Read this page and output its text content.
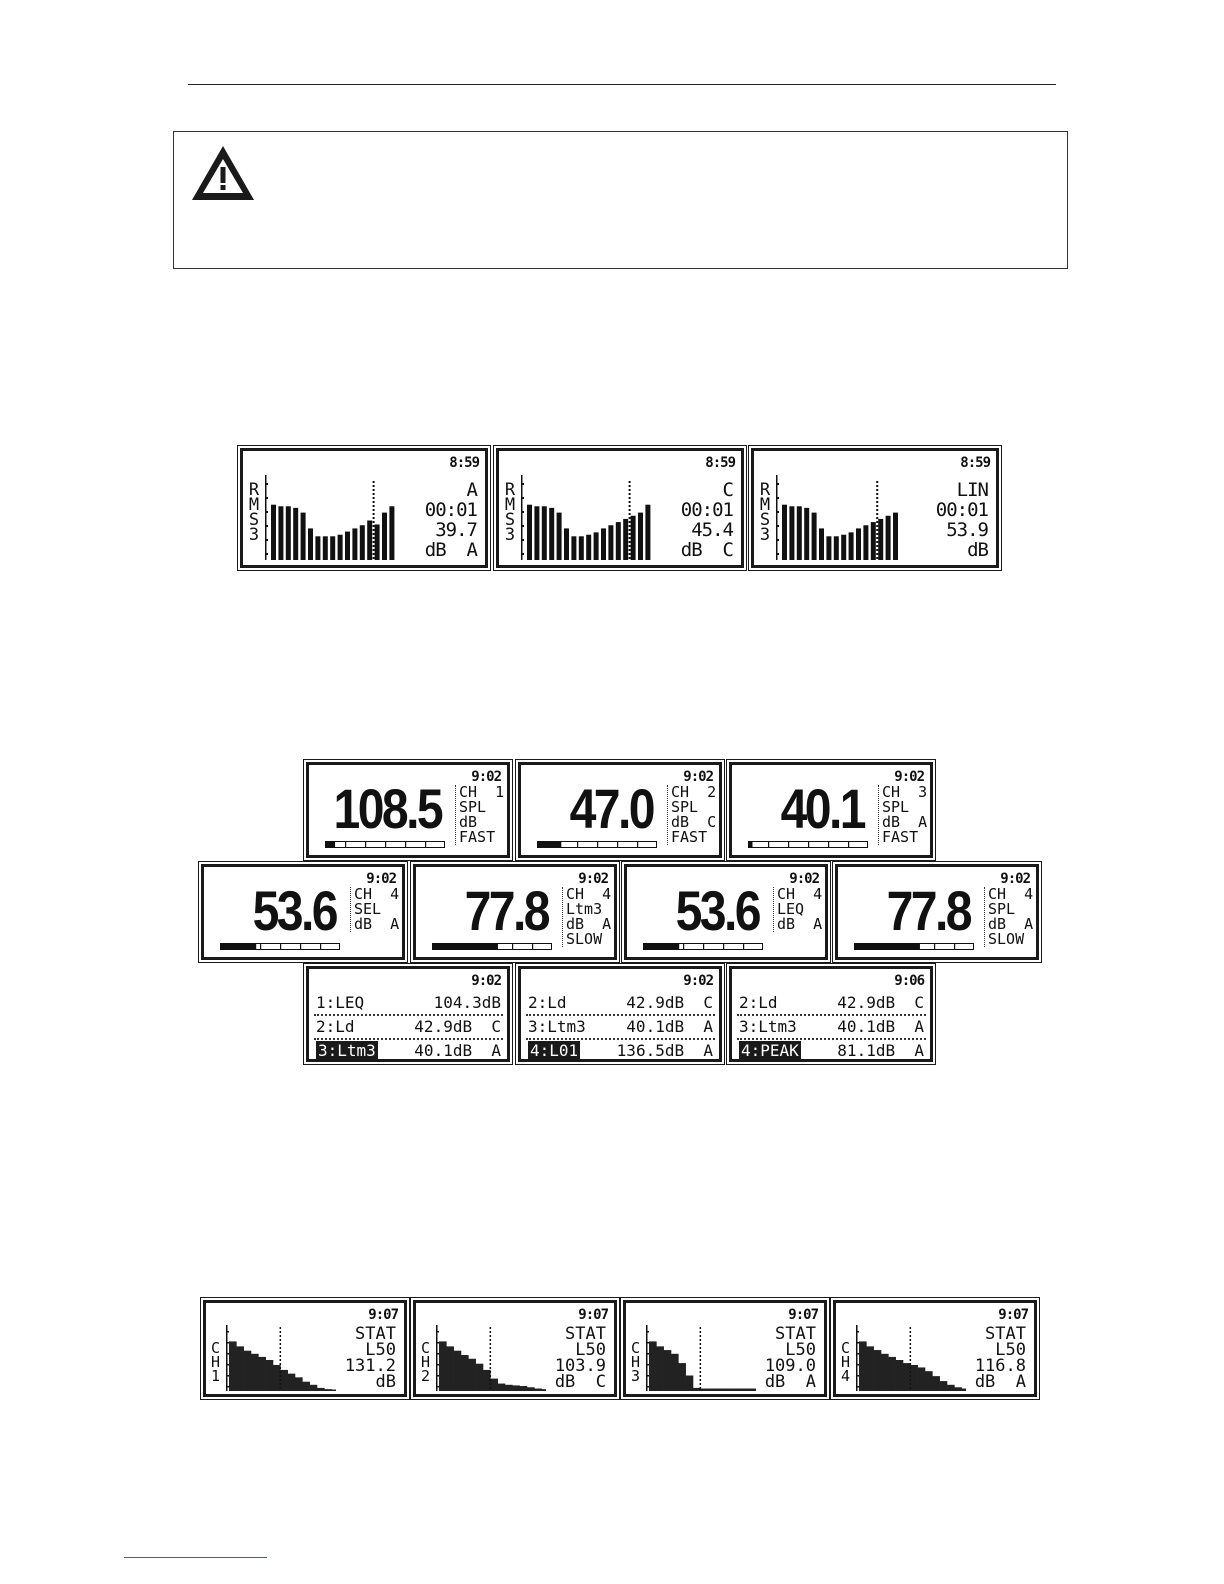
8:59
R
M
S
3
A
00:01
39.7
dB  A
8:59
R
M
S
3
C
00:01
45.4
dB  C
8:59
R
M
S
3
LIN
00:01
53.9
dB
9:02
108.5 CH  1
SPL
dB
FAST
9:02
47.0 CH  2
SPL
dB  C
FAST
9:02
40.1 CH  3
SPL
dB  A
FAST
9:02
53.6 CH  4
SEL
dB  A
9:02
77.8 CH  4
Ltm3
dB  A
SLOW
9:02
53.6 CH  4
LEQ
dB  A
9:02
77.8 CH  4
SPL
dB  A
SLOW
9:02
1:LEQ	104.3dB
2:Ld	42.9dB  C
3:Ltm3 40.1dB  A
9:02
2:Ld	42.9dB  C
3:Ltm3	40.1dB  A
4:L01 136.5dB  A
9:06
2:Ld	42.9dB  C
3:Ltm3	40.1dB  A
4:PEAK 81.1dB  A
9:07
C
H
1
STAT
L50
131.2
dB
9:07
C
H
2
STAT
L50
103.9
dB  C
9:07
C
H
3
STAT
L50
109.0
dB  A
9:07
C
H
4
STAT
L50
116.8
dB  A
